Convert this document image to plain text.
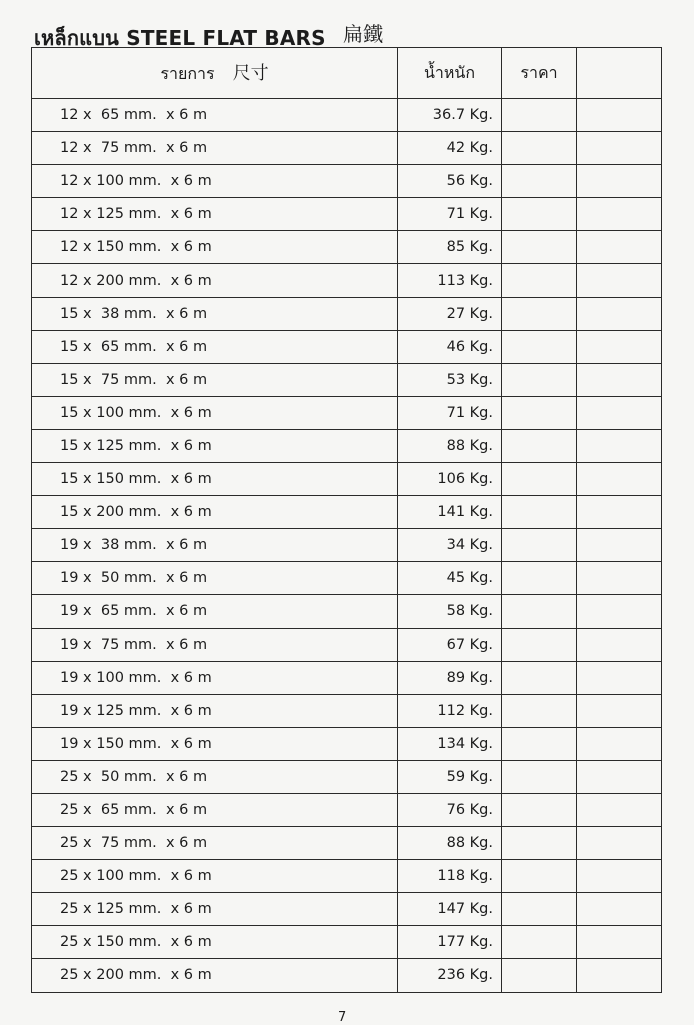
เหล็กแบน STEEL FLAT BARS 扁鐵
รายการ 尺寸	น้ำหนัก	ราคา	
12 x  65 mm.  x 6 m	36.7 Kg.		
12 x  75 mm.  x 6 m	42 Kg.		
12 x 100 mm.  x 6 m	56 Kg.		
12 x 125 mm.  x 6 m	71 Kg.		
12 x 150 mm.  x 6 m	85 Kg.		
12 x 200 mm.  x 6 m	113 Kg.		
15 x  38 mm.  x 6 m	27 Kg.		
15 x  65 mm.  x 6 m	46 Kg.		
15 x  75 mm.  x 6 m	53 Kg.		
15 x 100 mm.  x 6 m	71 Kg.		
15 x 125 mm.  x 6 m	88 Kg.		
15 x 150 mm.  x 6 m	106 Kg.		
15 x 200 mm.  x 6 m	141 Kg.		
19 x  38 mm.  x 6 m	34 Kg.		
19 x  50 mm.  x 6 m	45 Kg.		
19 x  65 mm.  x 6 m	58 Kg.		
19 x  75 mm.  x 6 m	67 Kg.		
19 x 100 mm.  x 6 m	89 Kg.		
19 x 125 mm.  x 6 m	112 Kg.		
19 x 150 mm.  x 6 m	134 Kg.		
25 x  50 mm.  x 6 m	59 Kg.		
25 x  65 mm.  x 6 m	76 Kg.		
25 x  75 mm.  x 6 m	88 Kg.		
25 x 100 mm.  x 6 m	118 Kg.		
25 x 125 mm.  x 6 m	147 Kg.		
25 x 150 mm.  x 6 m	177 Kg.		
25 x 200 mm.  x 6 m	236 Kg.		
7
